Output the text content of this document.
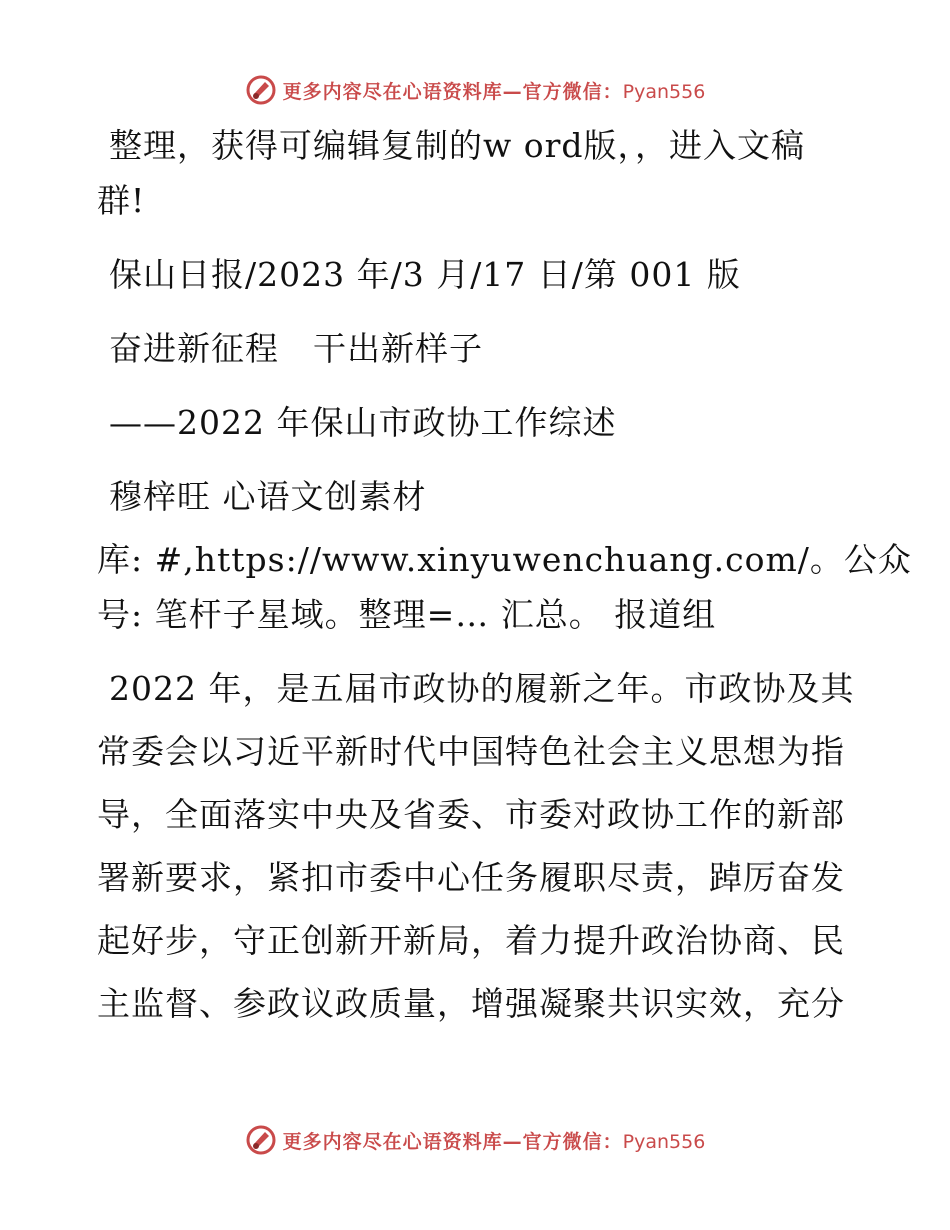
更多内容尽在心语资料库—官方微信：Pyan556

整理，获得可编辑复制的w ord版，，进入文稿

群!

保山日报/2023 年/3 月/17 日/第 001 版

奋进新征程　干出新样子

——2022 年保山市政协工作综述

穆梓旺 心语文创素材

库: #,https://www.xinyuwenchuang.com/。公众

号: 笔杆子星域。整理=… 汇总。 报道组

2022 年，是五届市政协的履新之年。市政协及其

常委会以习近平新时代中国特色社会主义思想为指

导，全面落实中央及省委、市委对政协工作的新部

署新要求，紧扣市委中心任务履职尽责，踔厉奋发

起好步，守正创新开新局，着力提升政治协商、民

主监督、参政议政质量，增强凝聚共识实效，充分

更多内容尽在心语资料库—官方微信：Pyan556
